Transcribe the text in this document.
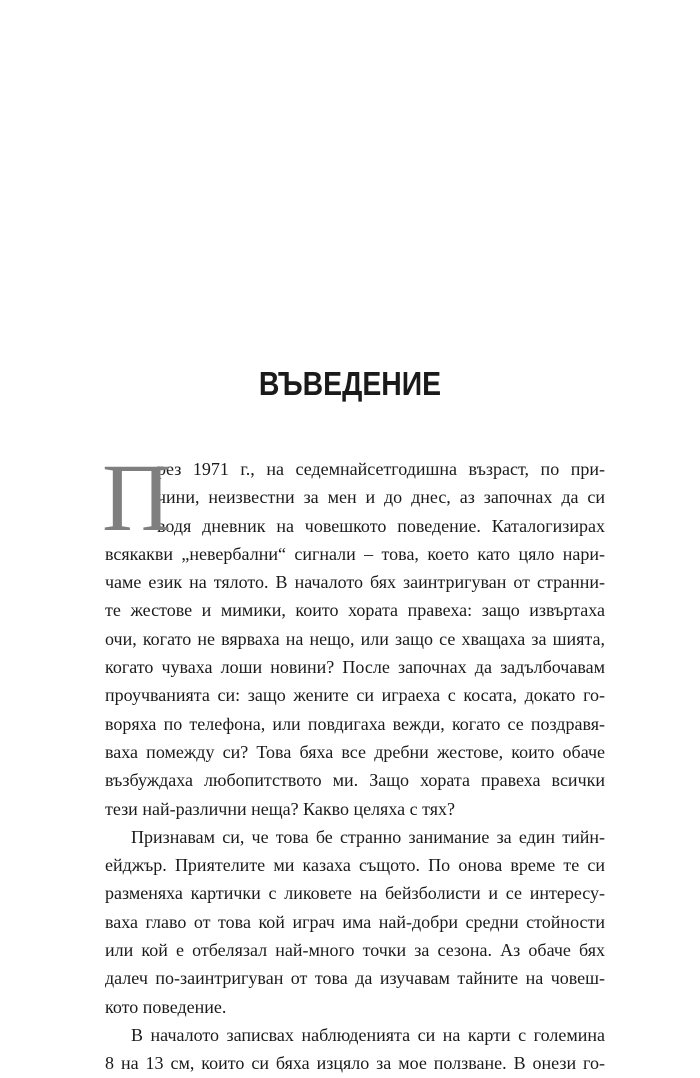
ВЪВЕДЕНИЕ
П
рез 1971 г., на седемнайсетгодишна възраст, по при-
чини, неизвестни за мен и до днес, аз започнах да си
водя дневник на човешкото поведение. Каталогизирах
всякакви „невербални“ сигнали – това, което като цяло нари-
чаме език на тялото. В началото бях заинтригуван от странни-
те жестове и мимики, които хората правеха: защо извъртаха
очи, когато не вярваха на нещо, или защо се хващаха за шията,
когато чуваха лоши новини? После започнах да задълбочавам
проучванията си: защо жените си играеха с косата, докато го-
воряха по телефона, или повдигаха вежди, когато се поздравя-
ваха помежду си? Това бяха все дребни жестове, които обаче
възбуждаха любопитството ми. Защо хората правеха всички
тези най-различни неща? Какво целяха с тях?
Признавам си, че това бе странно занимание за един тийн-
ейджър. Приятелите ми казаха същото. По онова време те си
разменяха картички с ликовете на бейзболисти и се интересу-
ваха главо от това кой играч има най-добри средни стойности
или кой е отбелязал най-много точки за сезона. Аз обаче бях
далеч по-заинтригуван от това да изучавам тайните на човеш-
кото поведение.
В началото записвах наблюденията си на карти с големина
8 на 13 см, които си бяха изцяло за мое ползване. В онези го-
